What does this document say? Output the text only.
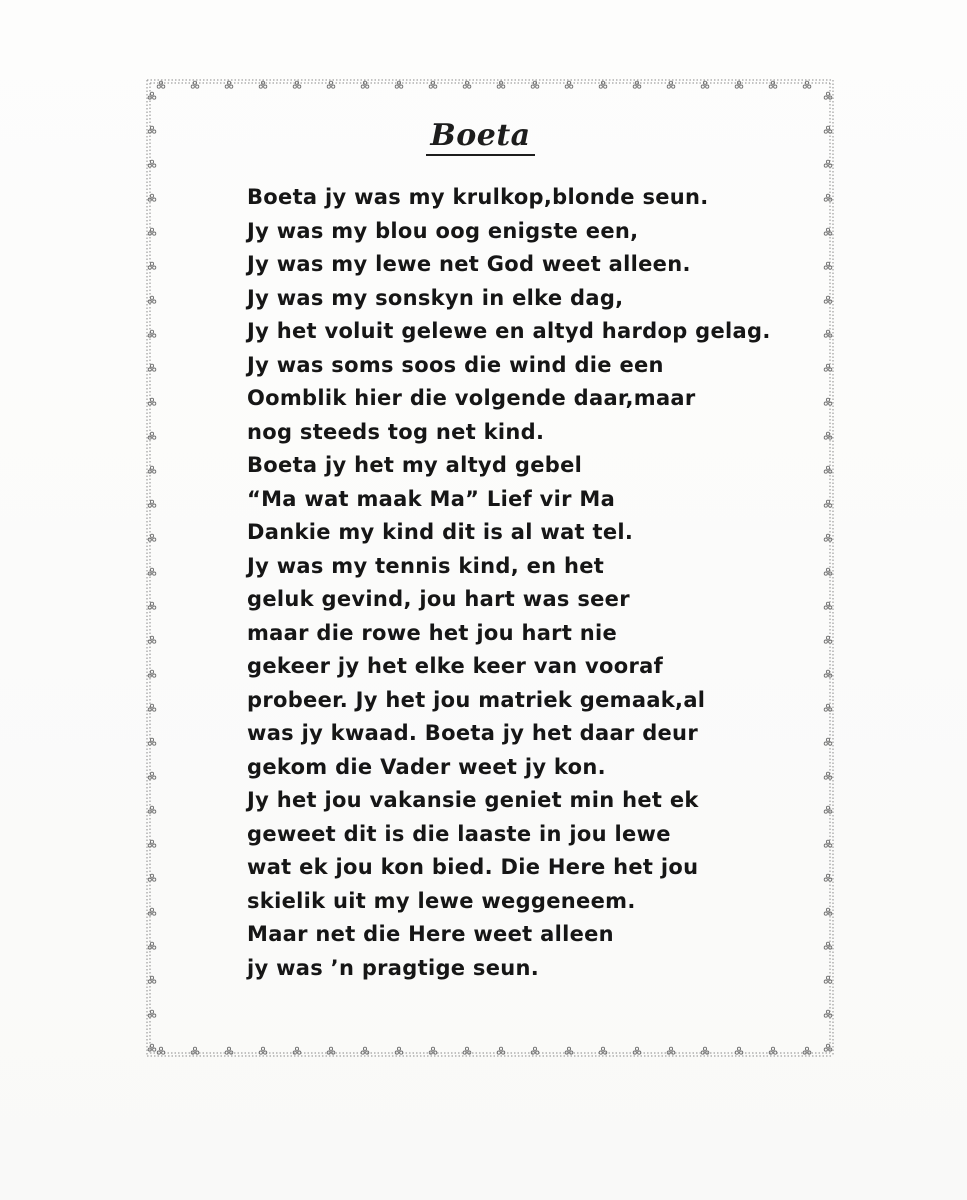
Boeta
Boeta jy was my krulkop,blonde seun.
Jy was my blou oog enigste een,
Jy was my lewe net God weet alleen.
Jy was my sonskyn in elke dag,
Jy het voluit gelewe en altyd hardop gelag.
Jy was soms soos die wind die een
Oomblik hier die volgende daar,maar
nog steeds tog net kind.
Boeta jy het my altyd gebel
“Ma wat maak Ma” Lief vir Ma
Dankie my kind dit is al wat tel.
Jy was my tennis kind, en het
geluk gevind, jou hart was seer
maar die rowe het jou hart nie
gekeer jy het elke keer van vooraf
probeer. Jy het jou matriek gemaak,al
was jy kwaad. Boeta jy het daar deur
gekom die Vader weet jy kon.
Jy het jou vakansie geniet min het ek
geweet dit is die laaste in jou lewe
wat ek jou kon bied. Die Here het jou
skielik uit my lewe weggeneem.
Maar net die Here weet alleen
jy was ’n pragtige seun.
